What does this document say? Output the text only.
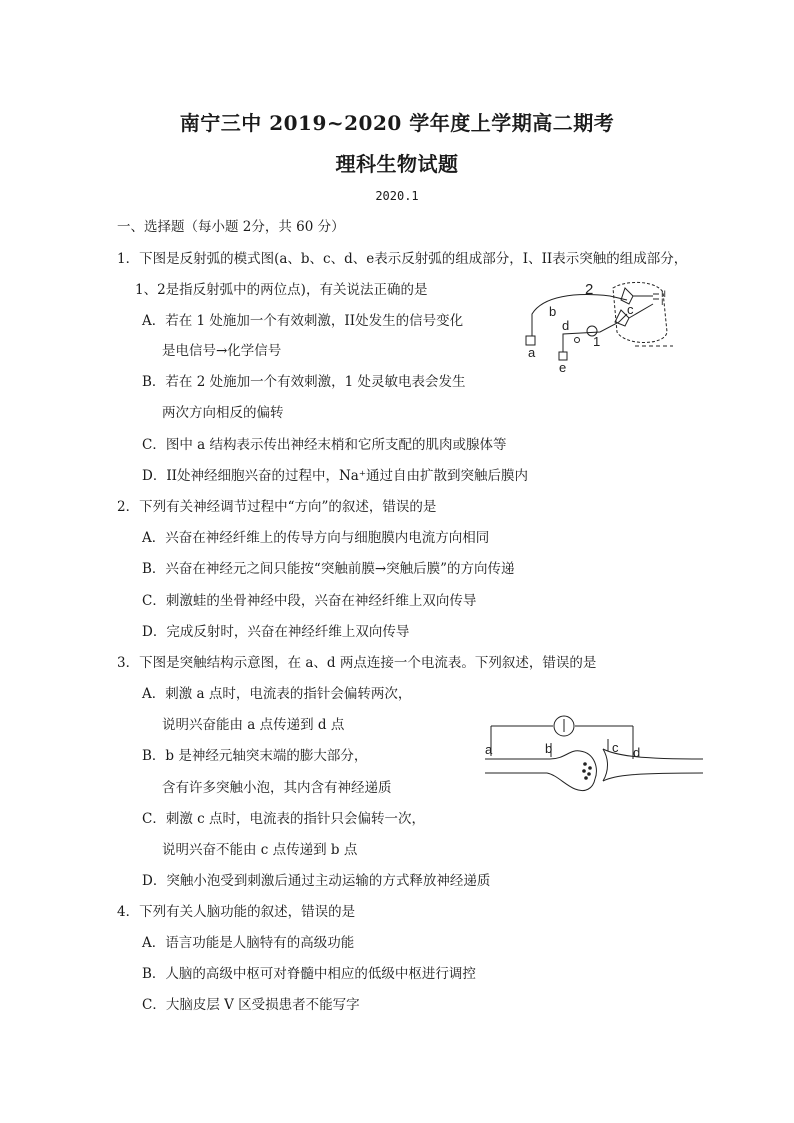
南宁三中 2019~2020 学年度上学期高二期考
理科生物试题
2020.1
一、选择题（每小题 2分，共 60 分）
1．下图是反射弧的模式图(a、b、c、d、e表示反射弧的组成部分，I、II表示突触的组成部分，
1、2是指反射弧中的两位点)，有关说法正确的是
A．若在 1 处施加一个有效刺激，II处发生的信号变化
是电信号→化学信号
B．若在 2 处施加一个有效刺激，1 处灵敏电表会发生
两次方向相反的偏转
C．图中 a 结构表示传出神经末梢和它所支配的肌肉或腺体等
D．II处神经细胞兴奋的过程中，Na⁺通过自由扩散到突触后膜内
2．下列有关神经调节过程中“方向”的叙述，错误的是
A．兴奋在神经纤维上的传导方向与细胞膜内电流方向相同
B．兴奋在神经元之间只能按“突触前膜→突触后膜”的方向传递
C．刺激蛙的坐骨神经中段，兴奋在神经纤维上双向传导
D．完成反射时，兴奋在神经纤维上双向传导
3．下图是突触结构示意图，在 a、d 两点连接一个电流表。下列叙述，错误的是
A．刺激 a 点时，电流表的指针会偏转两次，
说明兴奋能由 a 点传递到 d 点
B．b 是神经元轴突末端的膨大部分，
含有许多突触小泡，其内含有神经递质
C．刺激 c 点时，电流表的指针只会偏转一次，
说明兴奋不能由 c 点传递到 b 点
D．突触小泡受到刺激后通过主动运输的方式释放神经递质
4．下列有关人脑功能的叙述，错误的是
A．语言功能是人脑特有的高级功能
B．人脑的高级中枢可对脊髓中相应的低级中枢进行调控
C．大脑皮层 V 区受损患者不能写字
a
b	c
d
e
1
2	II
I
a	b	c d
